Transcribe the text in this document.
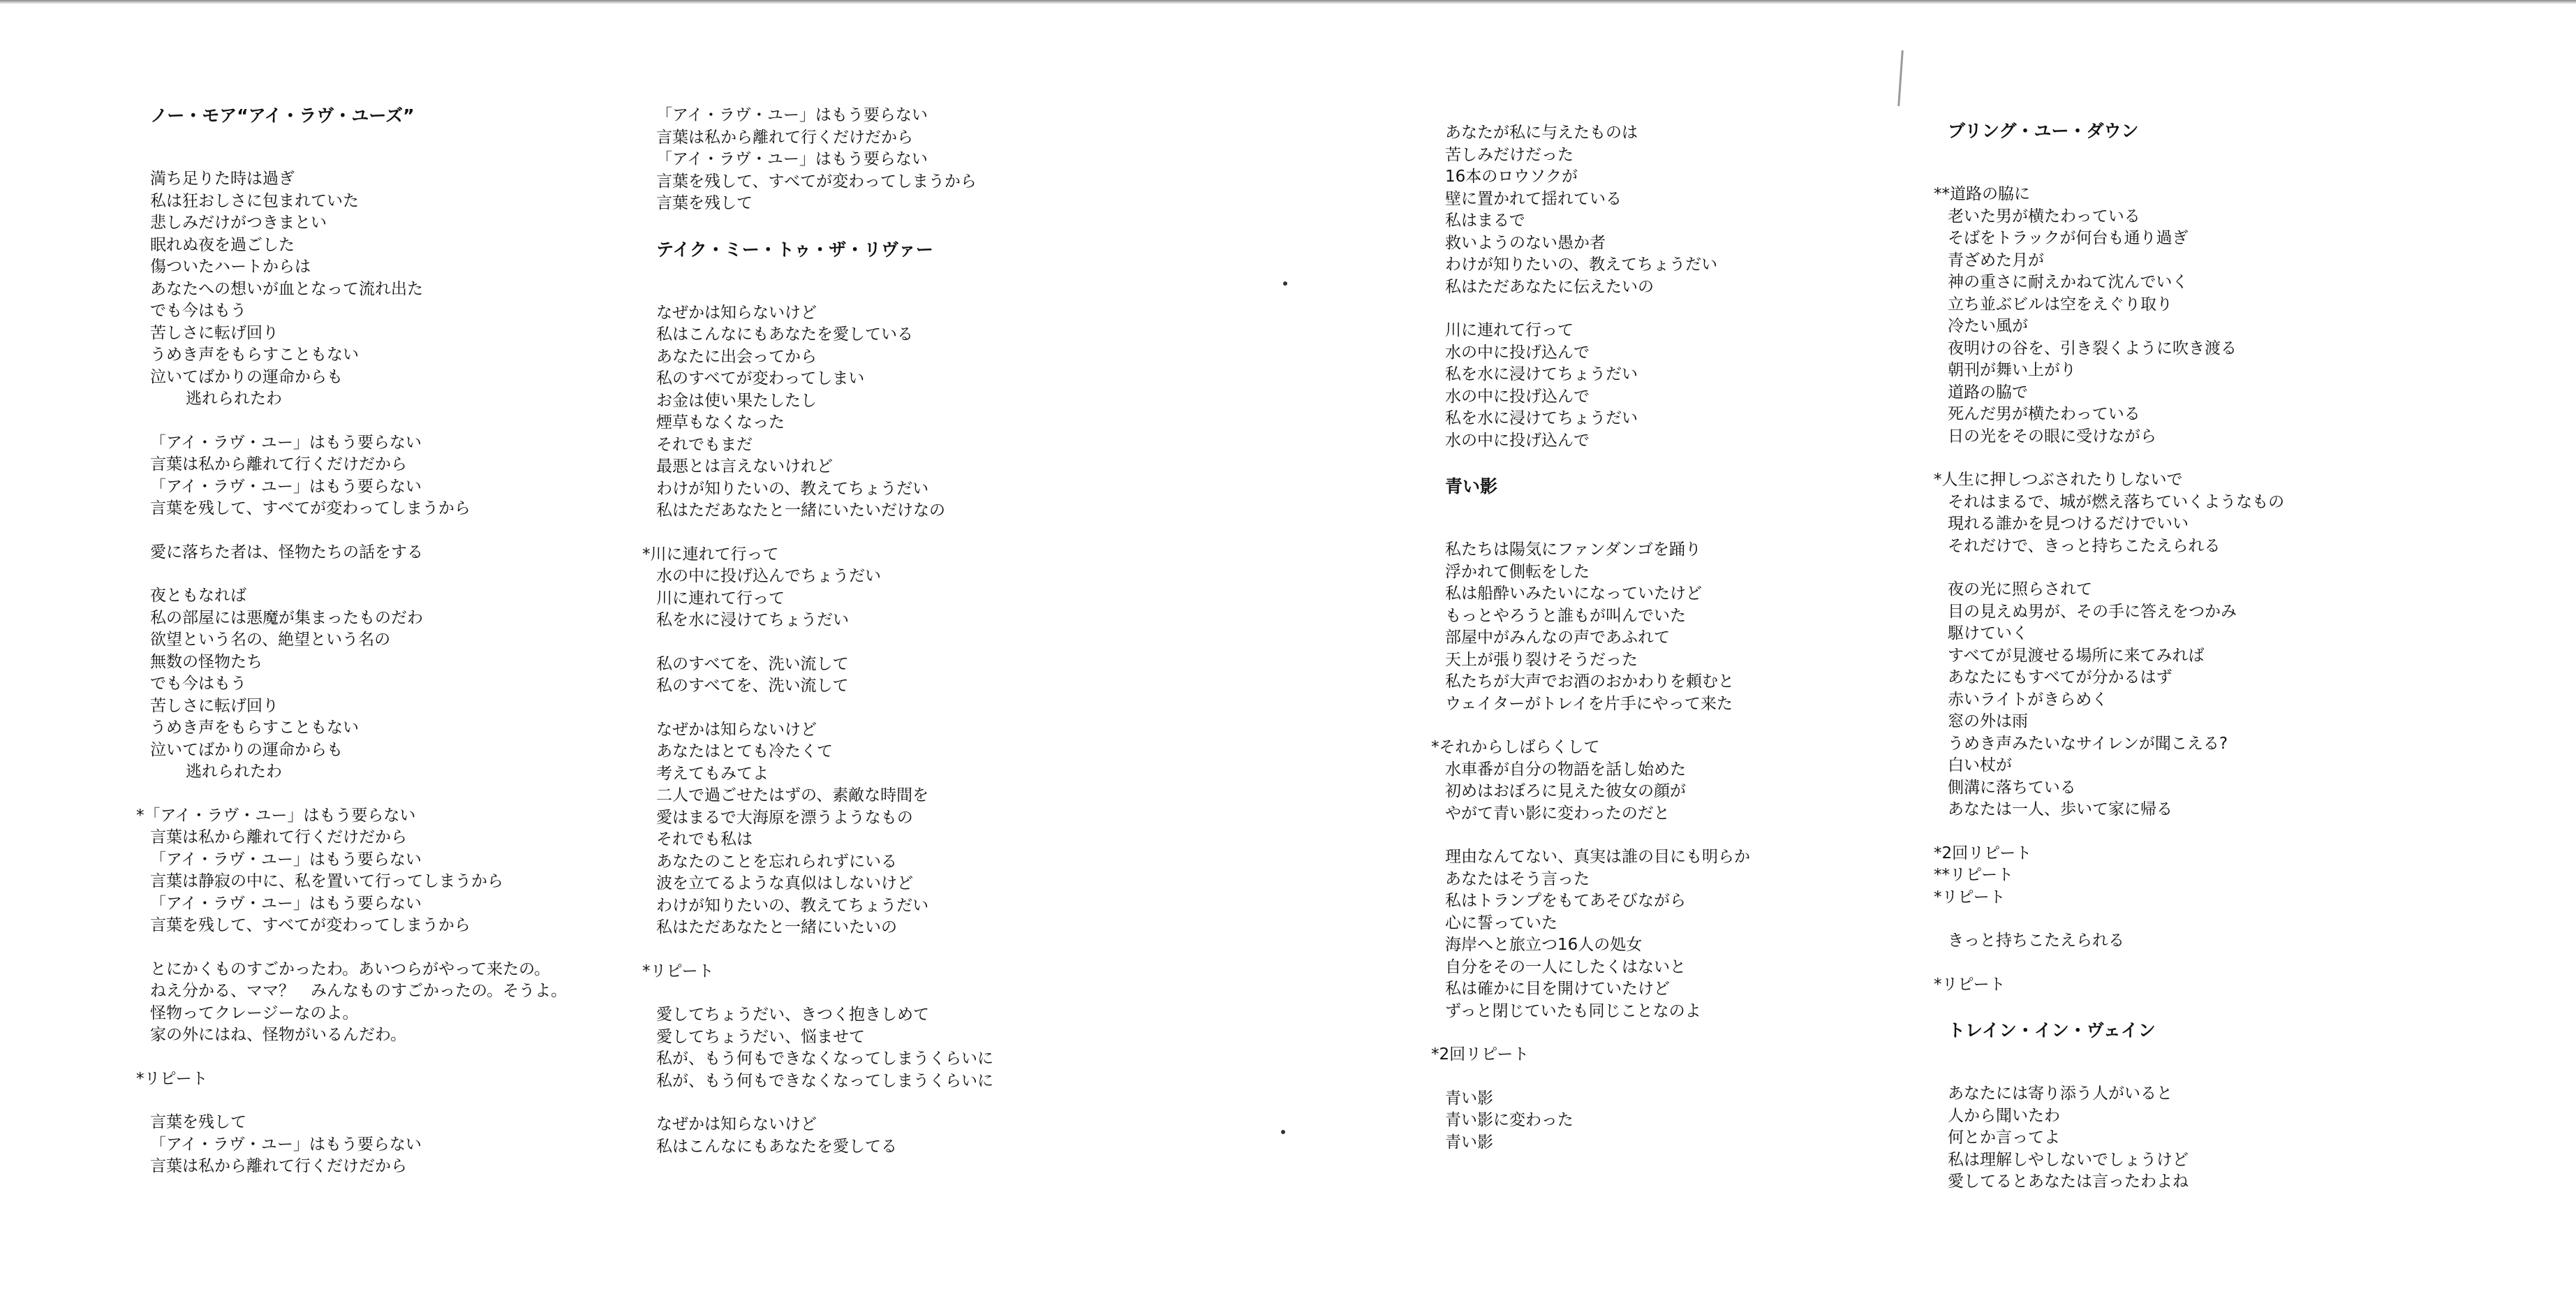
ノー・モア“アイ・ラヴ・ユーズ”
満ち足りた時は過ぎ
私は狂おしさに包まれていた
悲しみだけがつきまとい
眠れぬ夜を過ごした
傷ついたハートからは
あなたへの想いが血となって流れ出た
でも今はもう
苦しさに転げ回り
うめき声をもらすこともない
泣いてばかりの運命からも
　逃れられたわ
「アイ・ラヴ・ユー」はもう要らない
言葉は私から離れて行くだけだから
「アイ・ラヴ・ユー」はもう要らない
言葉を残して、すべてが変わってしまうから
愛に落ちた者は、怪物たちの話をする
夜ともなれば
私の部屋には悪魔が集まったものだわ
欲望という名の、絶望という名の
無数の怪物たち
でも今はもう
苦しさに転げ回り
うめき声をもらすこともない
泣いてばかりの運命からも
　逃れられたわ
*「アイ・ラヴ・ユー」はもう要らない
言葉は私から離れて行くだけだから
「アイ・ラヴ・ユー」はもう要らない
言葉は静寂の中に、私を置いて行ってしまうから
「アイ・ラヴ・ユー」はもう要らない
言葉を残して、すべてが変わってしまうから
とにかくものすごかったわ。あいつらがやって来たの。
ねえ分かる、ママ？　みんなものすごかったの。そうよ。
怪物ってクレージーなのよ。
家の外にはね、怪物がいるんだわ。
*リピート
言葉を残して
「アイ・ラヴ・ユー」はもう要らない
言葉は私から離れて行くだけだから
「アイ・ラヴ・ユー」はもう要らない
言葉は私から離れて行くだけだから
「アイ・ラヴ・ユー」はもう要らない
言葉を残して、すべてが変わってしまうから
言葉を残して
テイク・ミー・トゥ・ザ・リヴァー
なぜかは知らないけど
私はこんなにもあなたを愛している
あなたに出会ってから
私のすべてが変わってしまい
お金は使い果たしたし
煙草もなくなった
それでもまだ
最悪とは言えないけれど
わけが知りたいの、教えてちょうだい
私はただあなたと一緒にいたいだけなの
*川に連れて行って
水の中に投げ込んでちょうだい
川に連れて行って
私を水に浸けてちょうだい
私のすべてを、洗い流して
私のすべてを、洗い流して
なぜかは知らないけど
あなたはとても冷たくて
考えてもみてよ
二人で過ごせたはずの、素敵な時間を
愛はまるで大海原を漂うようなもの
それでも私は
あなたのことを忘れられずにいる
波を立てるような真似はしないけど
わけが知りたいの、教えてちょうだい
私はただあなたと一緒にいたいの
*リピート
愛してちょうだい、きつく抱きしめて
愛してちょうだい、悩ませて
私が、もう何もできなくなってしまうくらいに
私が、もう何もできなくなってしまうくらいに
なぜかは知らないけど
私はこんなにもあなたを愛してる
あなたが私に与えたものは
苦しみだけだった
16本のロウソクが
壁に置かれて揺れている
私はまるで
救いようのない愚か者
わけが知りたいの、教えてちょうだい
私はただあなたに伝えたいの
川に連れて行って
水の中に投げ込んで
私を水に浸けてちょうだい
水の中に投げ込んで
私を水に浸けてちょうだい
水の中に投げ込んで
青い影
私たちは陽気にファンダンゴを踊り
浮かれて側転をした
私は船酔いみたいになっていたけど
もっとやろうと誰もが叫んでいた
部屋中がみんなの声であふれて
天上が張り裂けそうだった
私たちが大声でお酒のおかわりを頼むと
ウェイターがトレイを片手にやって来た
*それからしばらくして
水車番が自分の物語を話し始めた
初めはおぼろに見えた彼女の顔が
やがて青い影に変わったのだと
理由なんてない、真実は誰の目にも明らか
あなたはそう言った
私はトランプをもてあそびながら
心に誓っていた
海岸へと旅立つ16人の処女
自分をその一人にしたくはないと
私は確かに目を開けていたけど
ずっと閉じていたも同じことなのよ
*2回リピート
青い影
青い影に変わった
青い影
ブリング・ユー・ダウン
**道路の脇に
老いた男が横たわっている
そばをトラックが何台も通り過ぎ
青ざめた月が
神の重さに耐えかねて沈んでいく
立ち並ぶビルは空をえぐり取り
冷たい風が
夜明けの谷を、引き裂くように吹き渡る
朝刊が舞い上がり
道路の脇で
死んだ男が横たわっている
日の光をその眼に受けながら
*人生に押しつぶされたりしないで
それはまるで、城が燃え落ちていくようなもの
現れる誰かを見つけるだけでいい
それだけで、きっと持ちこたえられる
夜の光に照らされて
目の見えぬ男が、その手に答えをつかみ
駆けていく
すべてが見渡せる場所に来てみれば
あなたにもすべてが分かるはず
赤いライトがきらめく
窓の外は雨
うめき声みたいなサイレンが聞こえる?
白い杖が
側溝に落ちている
あなたは一人、歩いて家に帰る
*2回リピート
**リピート
*リピート
きっと持ちこたえられる
*リピート
トレイン・イン・ヴェイン
あなたには寄り添う人がいると
人から聞いたわ
何とか言ってよ
私は理解しやしないでしょうけど
愛してるとあなたは言ったわよね
